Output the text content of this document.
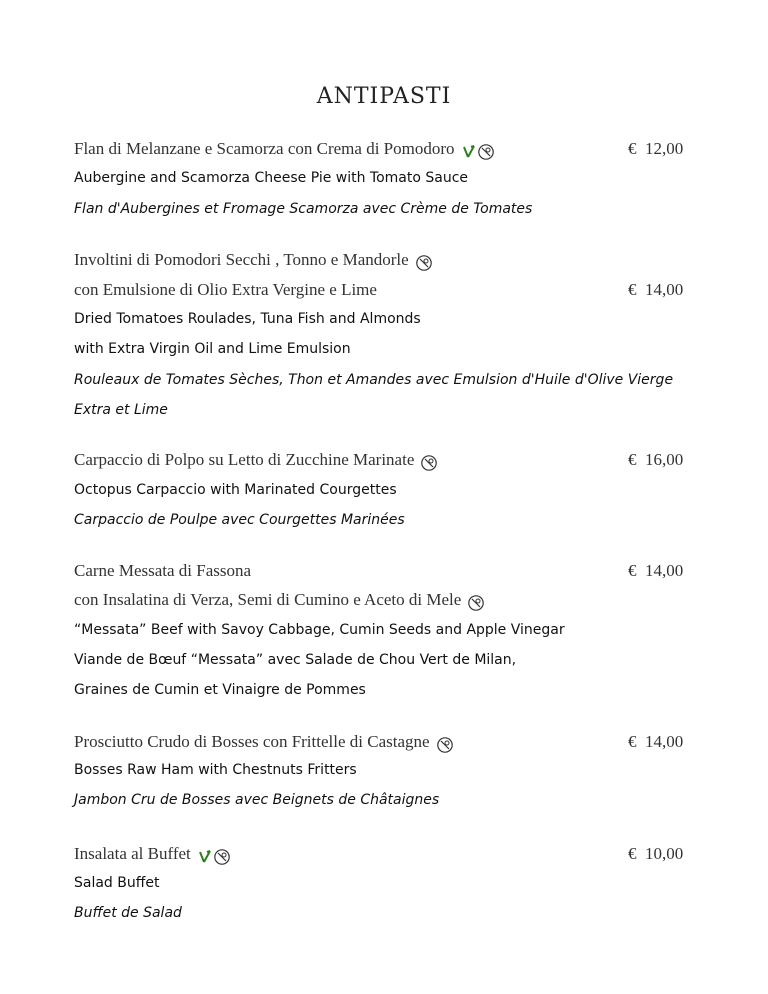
ANTIPASTI
Flan di Melanzane e Scamorza con Crema di Pomodoro	€ 12,00
Aubergine and Scamorza Cheese Pie with Tomato Sauce
Flan d'Aubergines et Fromage Scamorza avec Crème de Tomates
Involtini di Pomodori Secchi , Tonno e Mandorle
con Emulsione di Olio Extra Vergine e Lime	€ 14,00
Dried Tomatoes Roulades, Tuna Fish and Almonds
with Extra Virgin Oil and Lime Emulsion
Rouleaux de Tomates Sèches, Thon et Amandes avec Emulsion d'Huile d'Olive Vierge
Extra et Lime
Carpaccio di Polpo su Letto di Zucchine Marinate	€ 16,00
Octopus Carpaccio with Marinated Courgettes
Carpaccio de Poulpe avec Courgettes Marinées
Carne Messata di Fassona	€ 14,00
con Insalatina di Verza, Semi di Cumino e Aceto di Mele
“Messata” Beef with Savoy Cabbage, Cumin Seeds and Apple Vinegar
Viande de Bœuf “Messata” avec Salade de Chou Vert de Milan,
Graines de Cumin et Vinaigre de Pommes
Prosciutto Crudo di Bosses con Frittelle di Castagne	€ 14,00
Bosses Raw Ham with Chestnuts Fritters
Jambon Cru de Bosses avec Beignets de Châtaignes
Insalata al Buffet	€ 10,00
Salad Buffet
Buffet de Salad
